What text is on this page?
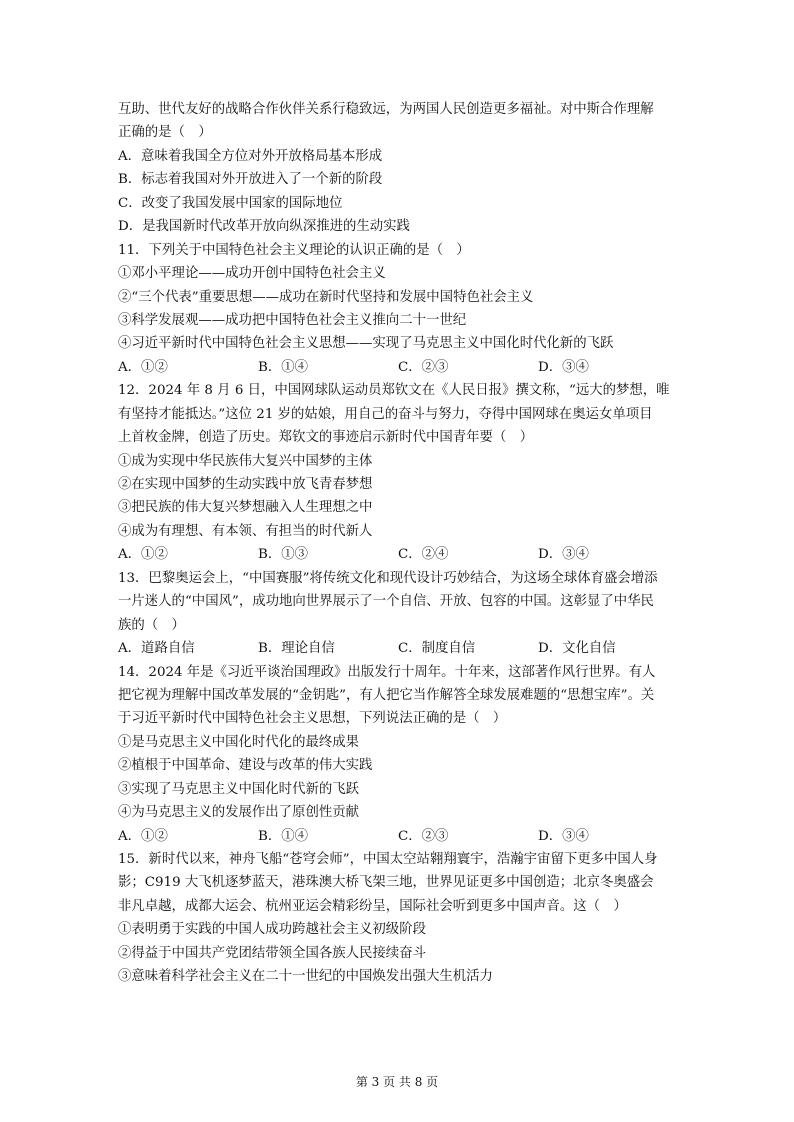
互助、世代友好的战略合作伙伴关系行稳致远，为两国人民创造更多福祉。对中斯合作理解
正确的是（　）
A．意味着我国全方位对外开放格局基本形成
B．标志着我国对外开放进入了一个新的阶段
C．改变了我国发展中国家的国际地位
D．是我国新时代改革开放向纵深推进的生动实践
11．下列关于中国特色社会主义理论的认识正确的是（　）
①邓小平理论——成功开创中国特色社会主义
②“三个代表”重要思想——成功在新时代坚持和发展中国特色社会主义
③科学发展观——成功把中国特色社会主义推向二十一世纪
④习近平新时代中国特色社会主义思想——实现了马克思主义中国化时代化新的飞跃
A．①②	B．①④	C．②③	D．③④
12．2024 年 8 月 6 日，中国网球队运动员郑钦文在《人民日报》撰文称，“远大的梦想，唯
有坚持才能抵达。”这位 21 岁的姑娘，用自己的奋斗与努力，夺得中国网球在奥运女单项目
上首枚金牌，创造了历史。郑钦文的事迹启示新时代中国青年要（　）
①成为实现中华民族伟大复兴中国梦的主体
②在实现中国梦的生动实践中放飞青春梦想
③把民族的伟大复兴梦想融入人生理想之中
④成为有理想、有本领、有担当的时代新人
A．①②	B．①③	C．②④	D．③④
13．巴黎奥运会上，“中国赛服”将传统文化和现代设计巧妙结合，为这场全球体育盛会增添
一片迷人的“中国风”，成功地向世界展示了一个自信、开放、包容的中国。这彰显了中华民
族的（　）
A．道路自信	B．理论自信	C．制度自信	D．文化自信
14．2024 年是《习近平谈治国理政》出版发行十周年。十年来，这部著作风行世界。有人
把它视为理解中国改革发展的“金钥匙”，有人把它当作解答全球发展难题的“思想宝库”。关
于习近平新时代中国特色社会主义思想，下列说法正确的是（　）
①是马克思主义中国化时代化的最终成果
②植根于中国革命、建设与改革的伟大实践
③实现了马克思主义中国化时代新的飞跃
④为马克思主义的发展作出了原创性贡献
A．①②	B．①④	C．②③	D．③④
15．新时代以来，神舟飞船“苍穹会师”，中国太空站翱翔寰宇，浩瀚宇宙留下更多中国人身
影；C919 大飞机逐梦蓝天，港珠澳大桥飞架三地，世界见证更多中国创造；北京冬奥盛会
非凡卓越，成都大运会、杭州亚运会精彩纷呈，国际社会听到更多中国声音。这（　）
①表明勇于实践的中国人成功跨越社会主义初级阶段
②得益于中国共产党团结带领全国各族人民接续奋斗
③意味着科学社会主义在二十一世纪的中国焕发出强大生机活力
第 3 页 共 8 页
